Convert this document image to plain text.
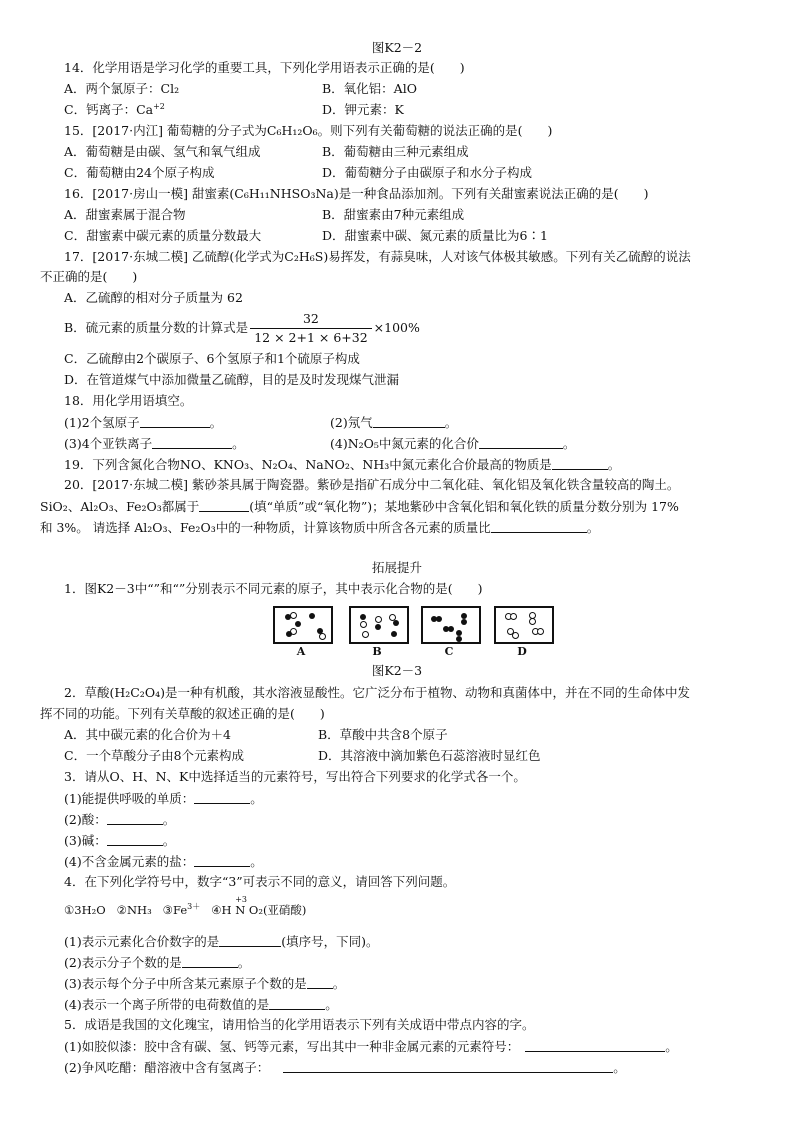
图K2－2
14．化学用语是学习化学的重要工具，下列化学用语表示正确的是(　　)
A．两个氯原子：Cl₂	B．氧化铝：AlO
C．钙离子：$Ca^{+2}$	D．钾元素：K
15．[2017·内江] 葡萄糖的分子式为C₆H₁₂O₆。则下列有关葡萄糖的说法正确的是(　　)
A．葡萄糖是由碳、氢气和氧气组成	B．葡萄糖由三种元素组成
C．葡萄糖由24个原子构成	D．葡萄糖分子由碳原子和水分子构成
16．[2017·房山一模] 甜蜜素(C₆H₁₁NHSO₃Na)是一种食品添加剂。下列有关甜蜜素说法正确的是(　　)
A．甜蜜素属于混合物	B．甜蜜素由7种元素组成
C．甜蜜素中碳元素的质量分数最大	D．甜蜜素中碳、氮元素的质量比为6∶1
17．[2017·东城二模] 乙硫醇(化学式为C₂H₆S)易挥发，有蒜臭味，人对该气体极其敏感。下列有关乙硫醇的说法
不正确的是(　　)
A．乙硫醇的相对分子质量为 62
B．硫元素的质量分数的计算式是 $\frac{32}{12 \times 2+1 \times 6+32} \times 100\%$
C．乙硫醇由2个碳原子、6个氢原子和1个硫原子构成
D．在管道煤气中添加微量乙硫醇，目的是及时发现煤气泄漏
18．用化学用语填空。
(1)2个氢原子	。	(2)氖气	。
(3)4个亚铁离子	。	(4)N₂O₅中氮元素的化合价	。
19．下列含氮化合物NO、KNO₃、N₂O₄、NaNO₂、NH₃中氮元素化合价最高的物质是	。
20．[2017·东城二模] 紫砂茶具属于陶瓷器。紫砂是指矿石成分中二氧化硅、氧化铝及氧化铁含量较高的陶土。
SiO₂、Al₂O₃、Fe₂O₃都属于	(填“单质”或“氧化物”)；某地紫砂中含氧化铝和氧化铁的质量分数分别为 17%
和 3%。 请选择 Al₂O₃、Fe₂O₃中的一种物质，计算该物质中所含各元素的质量比	。
拓展提升
1．图K2－3中“”和“”分别表示不同元素的原子，其中表示化合物的是(　　)
A	B	C	D
图K2－3
2．草酸(H₂C₂O₄)是一种有机酸，其水溶液显酸性。它广泛分布于植物、动物和真菌体中，并在不同的生命体中发
挥不同的功能。下列有关草酸的叙述正确的是(　　)
A．其中碳元素的化合价为＋4	B．草酸中共含8个原子
C．一个草酸分子由8个元素构成	D．其溶液中滴加紫色石蕊溶液时显红色
3．请从O、H、N、K中选择适当的元素符号，写出符合下列要求的化学式各一个。
(1)能提供呼吸的单质：	。
(2)酸：	。
(3)碱：	。
(4)不含金属元素的盐：	。
4．在下列化学符号中，数字“3”可表示不同的意义，请回答下列问题。
①3H₂O ②NH₃ $③Fe^{3+}$ ④H
+3
N O₂(亚硝酸)
(1)表示元素化合价数字的是	(填序号，下同)。
(2)表示分子个数的是	。
(3)表示每个分子中所含某元素原子个数的是 。
(4)表示一个离子所带的电荷数值的是	。
5．成语是我国的文化瑰宝，请用恰当的化学用语表示下列有关成语中带点内容的字。
(1)如胶似漆：胶中含有碳、氢、钙等元素，写出其中一种非金属元素的元素符号：	。
(2)争风吃醋：醋溶液中含有氢离子：	。
